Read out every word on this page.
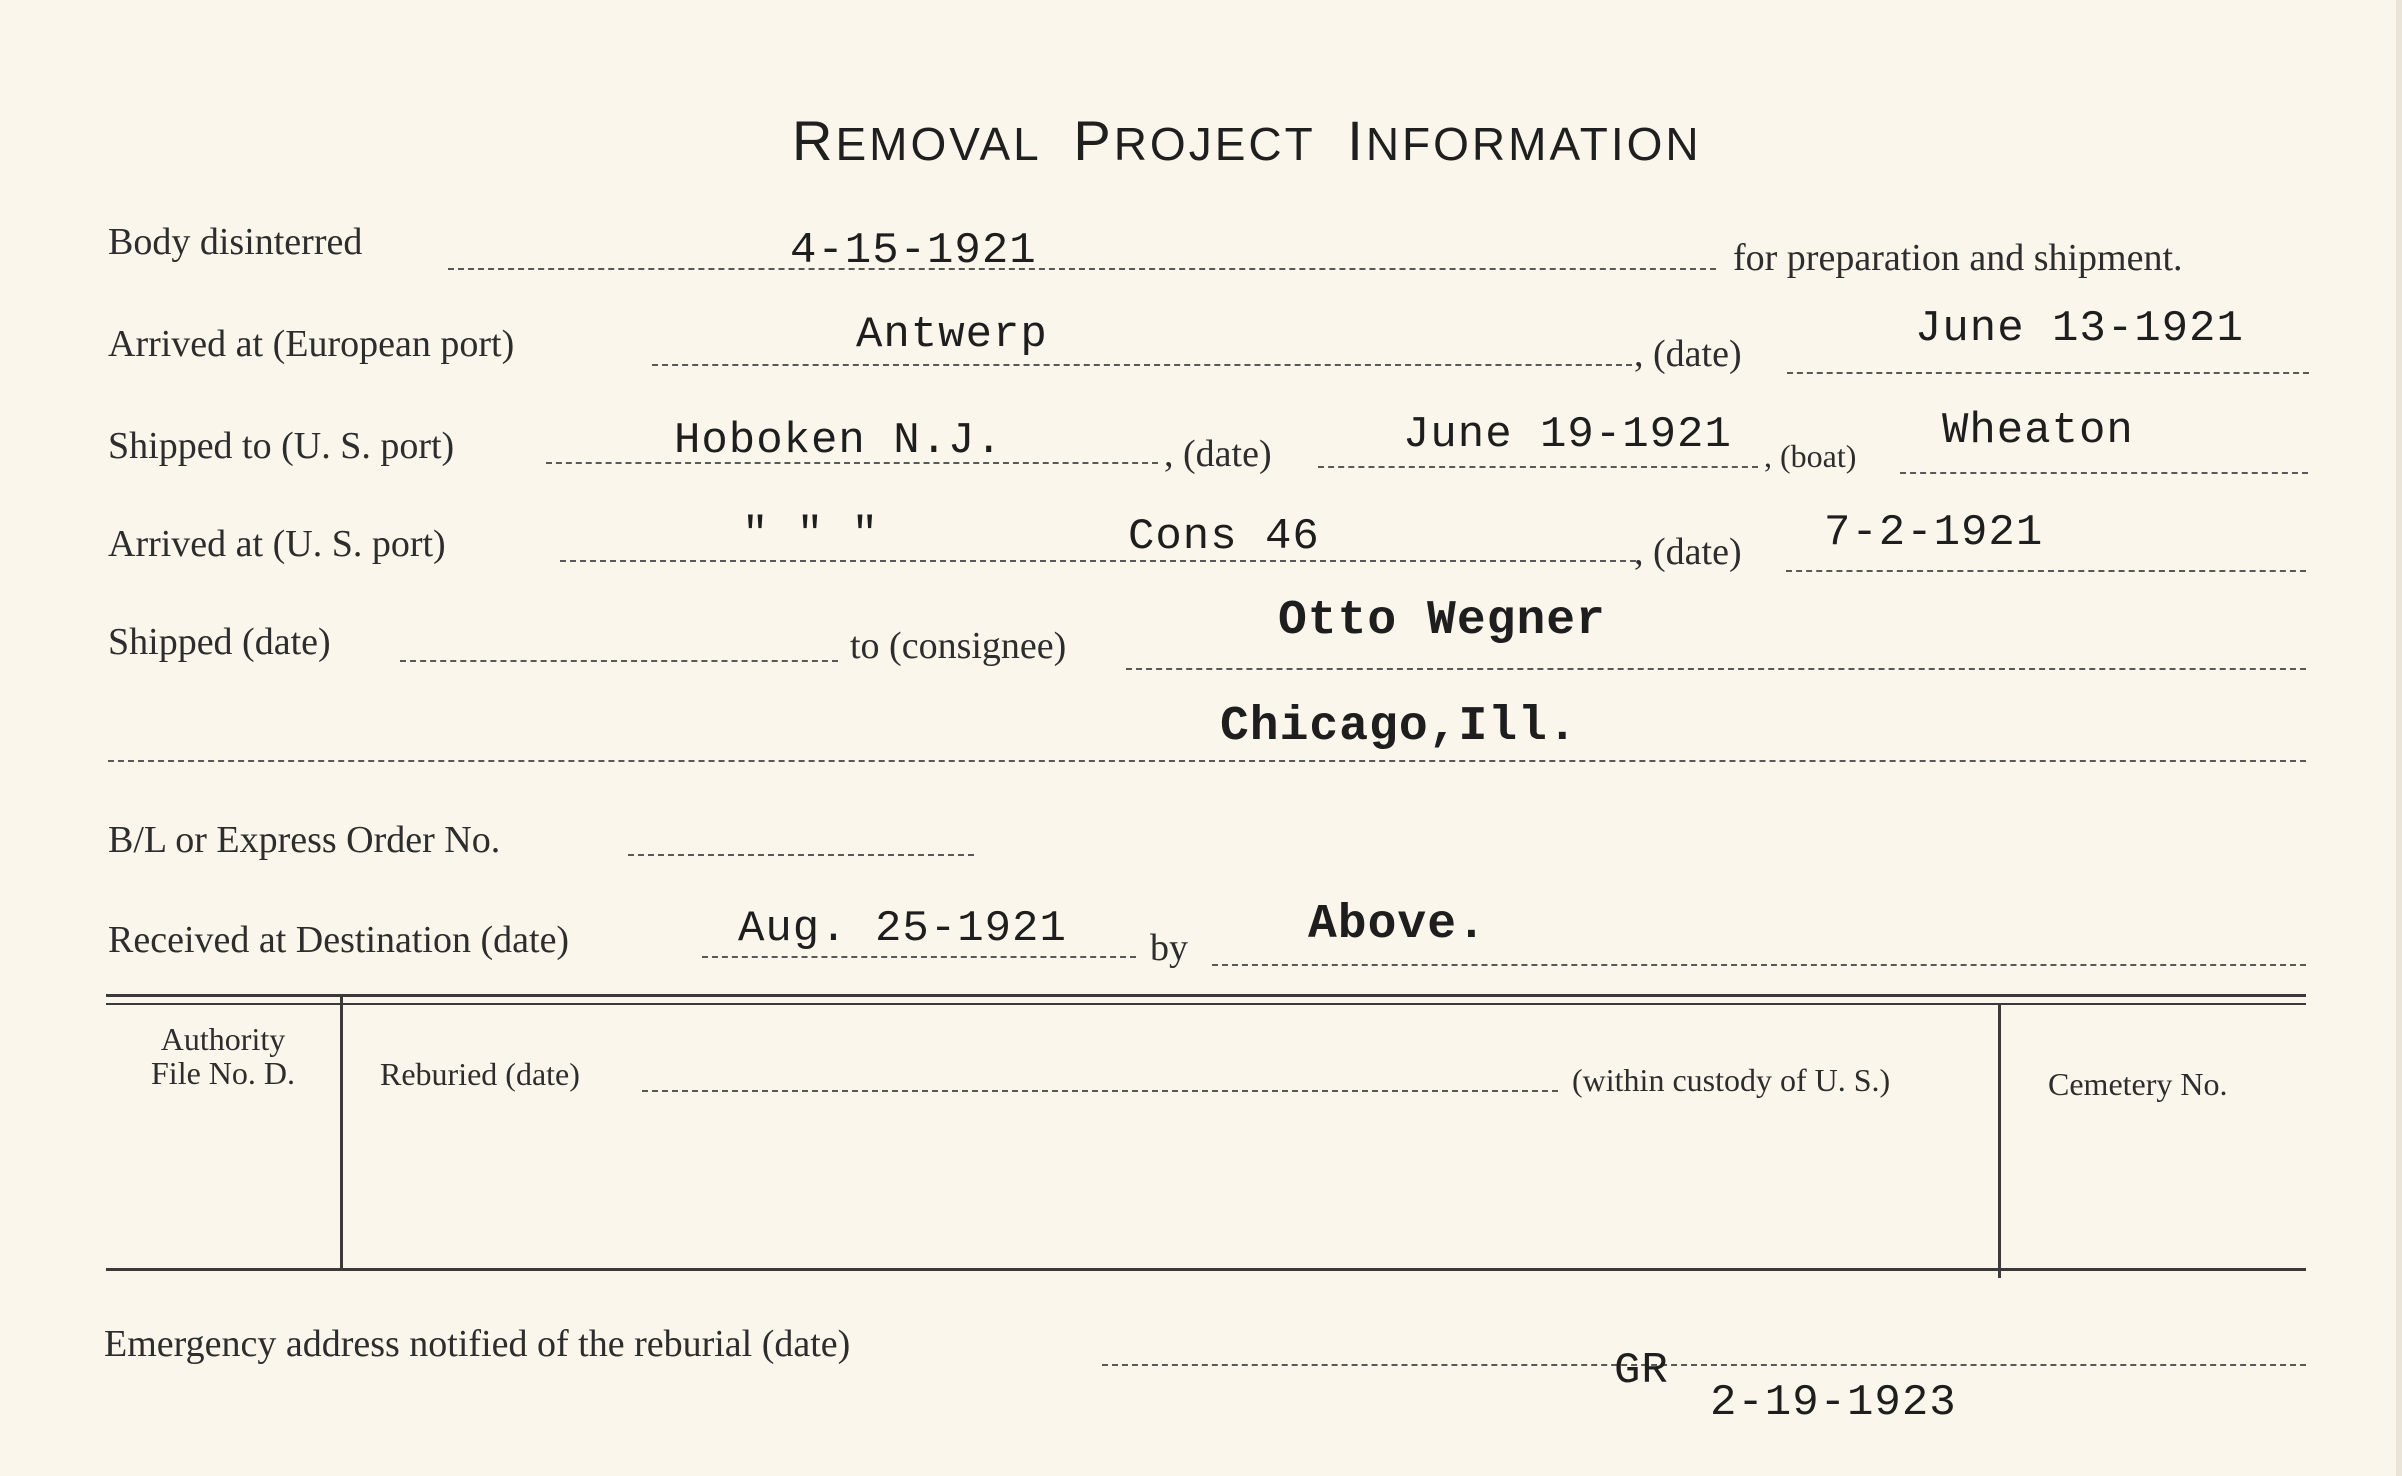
REMOVAL PROJECT INFORMATION
Body disinterred	4-15-1921	for preparation and shipment.
Arrived at (European port)	Antwerp	, (date)	June 13-1921
Shipped to (U. S. port)	Hoboken N.J.	, (date)	June 19-1921 , (boat) Wheaton
Arrived at (U. S. port)	" " "	Cons 46	, (date) 7-2-1921
Shipped (date)	to (consignee)	Otto Wegner
Chicago,Ill.
B/L or Express Order No.
Received at Destination (date)	Aug. 25-1921 by	Above.
Authority
File No. D.	Reburied (date)	(within custody of U. S.)	Cemetery No.
Emergency address notified of the reburial (date)
GR
2-19-1923
